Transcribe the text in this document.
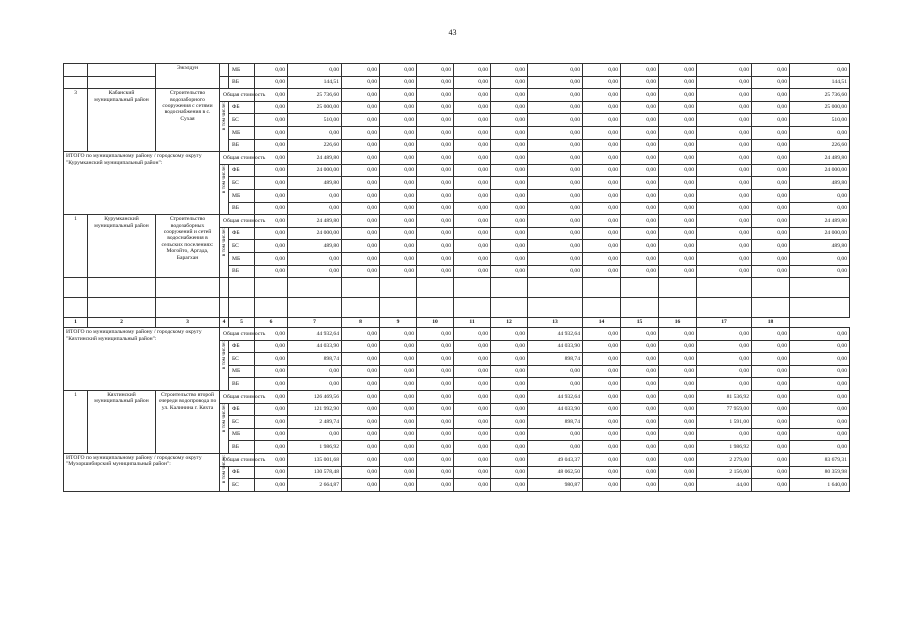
43
		Эжэлдун		МБ	0,00	0,00	0,00	0,00	0,00	0,00	0,00	0,00	0,00	0,00	0,00	0,00	0,00	0,00
				ВБ	0,00	144,51	0,00	0,00	0,00	0,00	0,00	0,00	0,00	0,00	0,00	0,00	0,00	144,51
3	Кабанский муниципальный район	Строительство водозаборного сооружения с сетями водоснабжения в с. Сухая	Общая стоимость		0,00	25 736,60	0,00	0,00	0,00	0,00	0,00	0,00	0,00	0,00	0,00	0,00	0,00	25 736,60

			в том числе:	ФБ	0,00	25 000,00	0,00	0,00	0,00	0,00	0,00	0,00	0,00	0,00	0,00	0,00	0,00	25 000,00
				БС	0,00	510,00	0,00	0,00	0,00	0,00	0,00	0,00	0,00	0,00	0,00	0,00	0,00	510,00
				МБ	0,00	0,00	0,00	0,00	0,00	0,00	0,00	0,00	0,00	0,00	0,00	0,00	0,00	0,00
				ВБ	0,00	226,60	0,00	0,00	0,00	0,00	0,00	0,00	0,00	0,00	0,00	0,00	0,00	226,60
ИТОГО по муниципальному району / городскому округу "Курумканский муниципальный район":			Общая стоимость		0,00	24 489,80	0,00	0,00	0,00	0,00	0,00	0,00	0,00	0,00	0,00	0,00	0,00	24 489,80

			в том числе:	ФБ	0,00	24 000,00	0,00	0,00	0,00	0,00	0,00	0,00	0,00	0,00	0,00	0,00	0,00	24 000,00
				БС	0,00	489,80	0,00	0,00	0,00	0,00	0,00	0,00	0,00	0,00	0,00	0,00	0,00	489,80
				МБ	0,00	0,00	0,00	0,00	0,00	0,00	0,00	0,00	0,00	0,00	0,00	0,00	0,00	0,00
				ВБ	0,00	0,00	0,00	0,00	0,00	0,00	0,00	0,00	0,00	0,00	0,00	0,00	0,00	0,00
1	Курумканский муниципальный район	Строительство водозаборных сооружений и сетей водоснабжения в сельских поселениях: Могойто, Аргада, Барагхан	Общая стоимость		0,00	24 489,80	0,00	0,00	0,00	0,00	0,00	0,00	0,00	0,00	0,00	0,00	0,00	24 489,80

			в том числе:	ФБ	0,00	24 000,00	0,00	0,00	0,00	0,00	0,00	0,00	0,00	0,00	0,00	0,00	0,00	24 000,00
				БС	0,00	489,80	0,00	0,00	0,00	0,00	0,00	0,00	0,00	0,00	0,00	0,00	0,00	489,80
				МБ	0,00	0,00	0,00	0,00	0,00	0,00	0,00	0,00	0,00	0,00	0,00	0,00	0,00	0,00
				ВБ	0,00	0,00	0,00	0,00	0,00	0,00	0,00	0,00	0,00	0,00	0,00	0,00	0,00	0,00

1	2	3	4	5	6	7	8	9	10	11	12	13	14	15	16	17	18	
ИТОГО по муниципальному району / городскому округу "Кяхтинский муниципальный район":			Общая стоимость		0,00	44 932,64	0,00	0,00	0,00	0,00	0,00	44 932,64	0,00	0,00	0,00	0,00	0,00	0,00

			в том числе:	ФБ	0,00	44 033,90	0,00	0,00	0,00	0,00	0,00	44 033,90	0,00	0,00	0,00	0,00	0,00	0,00
				БС	0,00	898,74	0,00	0,00	0,00	0,00	0,00	898,74	0,00	0,00	0,00	0,00	0,00	0,00
				МБ	0,00	0,00	0,00	0,00	0,00	0,00	0,00	0,00	0,00	0,00	0,00	0,00	0,00	0,00
				ВБ	0,00	0,00	0,00	0,00	0,00	0,00	0,00	0,00	0,00	0,00	0,00	0,00	0,00	0,00
1	Кяхтинский муниципальный район	Строительство второй очереди водопровода по ул. Калинина г. Кяхта	Общая стоимость		0,00	126 469,56	0,00	0,00	0,00	0,00	0,00	44 932,64	0,00	0,00	0,00	81 536,92	0,00	0,00

			в том числе:	ФБ	0,00	121 992,90	0,00	0,00	0,00	0,00	0,00	44 033,90	0,00	0,00	0,00	77 959,00	0,00	0,00
				БС	0,00	2 489,74	0,00	0,00	0,00	0,00	0,00	898,74	0,00	0,00	0,00	1 591,00	0,00	0,00
				МБ	0,00	0,00	0,00	0,00	0,00	0,00	0,00	0,00	0,00	0,00	0,00	0,00	0,00	0,00
				ВБ	0,00	1 986,92	0,00	0,00	0,00	0,00	0,00	0,00	0,00	0,00	0,00	1 986,92	0,00	0,00
ИТОГО по муниципальному району / городскому округу "Мухоршибирский муниципальный район":			Общая стоимость		0,00	135 001,68	0,00	0,00	0,00	0,00	0,00	49 043,37	0,00	0,00	0,00	2 279,00	0,00	83 679,31

			в том числе:	ФБ	0,00	130 578,48	0,00	0,00	0,00	0,00	0,00	48 062,50	0,00	0,00	0,00	2 156,00	0,00	80 359,98
				БС	0,00	2 664,87	0,00	0,00	0,00	0,00	0,00	980,87	0,00	0,00	0,00	44,00	0,00	1 640,00
